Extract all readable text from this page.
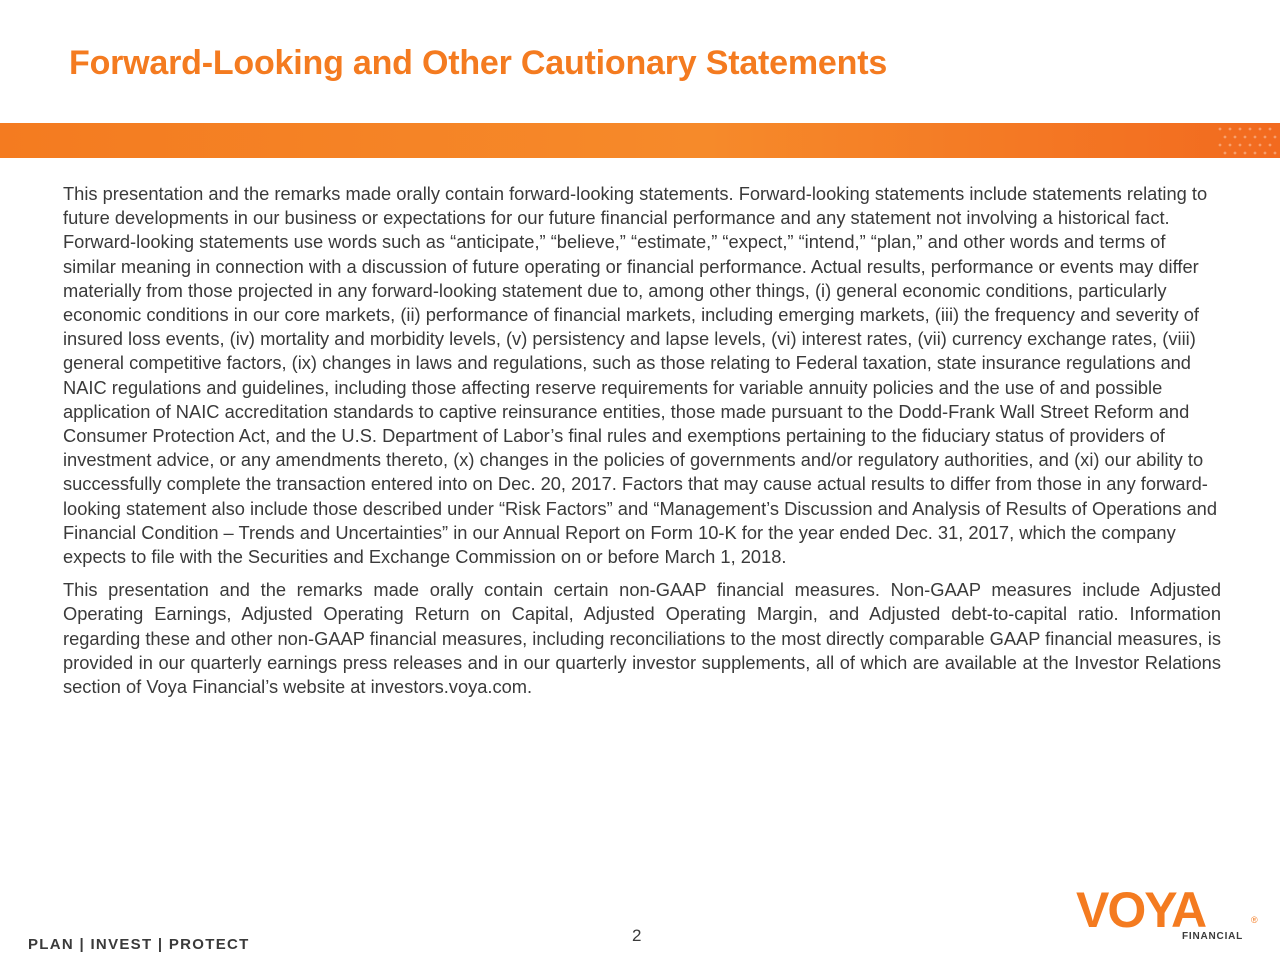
Forward-Looking and Other Cautionary Statements

This presentation and the remarks made orally contain forward-looking statements. Forward-looking statements include statements relating to future developments in our business or expectations for our future financial performance and any statement not involving a historical fact. Forward-looking statements use words such as “anticipate,” “believe,” “estimate,” “expect,” “intend,” “plan,” and other words and terms of similar meaning in connection with a discussion of future operating or financial performance. Actual results, performance or events may differ materially from those projected in any forward-looking statement due to, among other things, (i) general economic conditions, particularly economic conditions in our core markets, (ii) performance of financial markets, including emerging markets, (iii) the frequency and severity of insured loss events, (iv) mortality and morbidity levels, (v) persistency and lapse levels, (vi) interest rates, (vii) currency exchange rates, (viii) general competitive factors, (ix) changes in laws and regulations, such as those relating to Federal taxation, state insurance regulations and NAIC regulations and guidelines, including those affecting reserve requirements for variable annuity policies and the use of and possible application of NAIC accreditation standards to captive reinsurance entities, those made pursuant to the Dodd-Frank Wall Street Reform and Consumer Protection Act, and the U.S. Department of Labor’s final rules and exemptions pertaining to the fiduciary status of providers of investment advice, or any amendments thereto, (x) changes in the policies of governments and/or regulatory authorities, and (xi) our ability to successfully complete the transaction entered into on Dec. 20, 2017. Factors that may cause actual results to differ from those in any forward-looking statement also include those described under “Risk Factors” and “Management’s Discussion and Analysis of Results of Operations and Financial Condition – Trends and Uncertainties” in our Annual Report on Form 10-K for the year ended Dec. 31, 2017, which the company expects to file with the Securities and Exchange Commission on or before March 1, 2018.

This presentation and the remarks made orally contain certain non-GAAP financial measures. Non-GAAP measures include Adjusted Operating Earnings, Adjusted Operating Return on Capital, Adjusted Operating Margin, and Adjusted debt-to-capital ratio. Information regarding these and other non-GAAP financial measures, including reconciliations to the most directly comparable GAAP financial measures, is provided in our quarterly earnings press releases and in our quarterly investor supplements, all of which are available at the Investor Relations section of Voya Financial’s website at investors.voya.com.

PLAN | INVEST | PROTECT	2	VOYA	®
FINANCIAL
